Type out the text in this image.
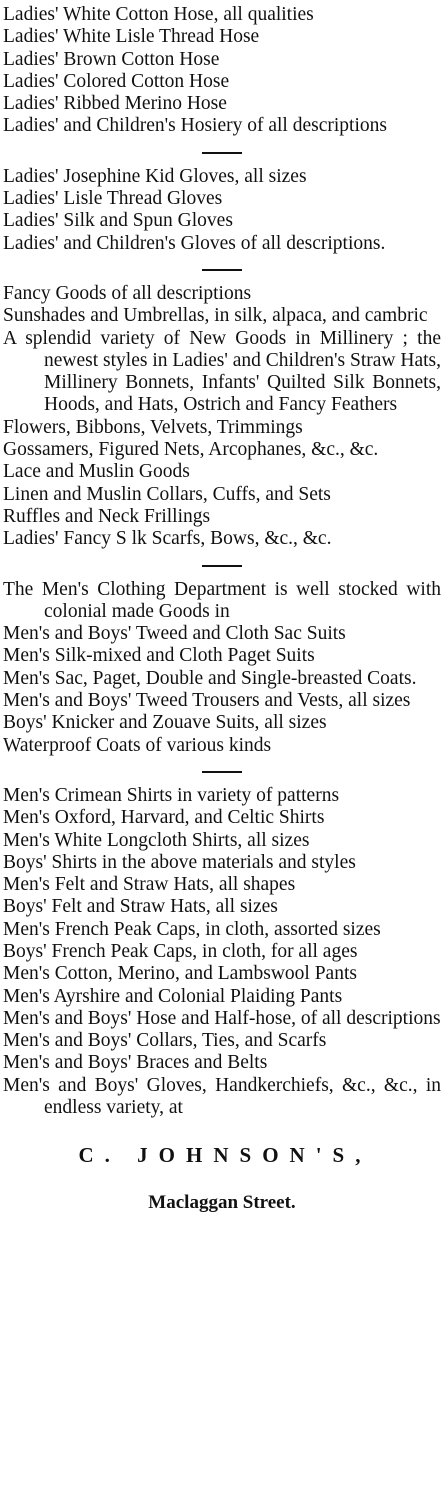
Ladies' White Cotton Hose, all qualities
Ladies' White Lisle Thread Hose
Ladies' Brown Cotton Hose
Ladies' Colored Cotton Hose
Ladies' Ribbed Merino Hose
Ladies' and Children's Hosiery of all descriptions
Ladies' Josephine Kid Gloves, all sizes
Ladies' Lisle Thread Gloves
Ladies' Silk and Spun Gloves
Ladies' and Children's Gloves of all descriptions.
Fancy Goods of all descriptions
Sunshades and Umbrellas, in silk, alpaca, and cambric
A splendid variety of New Goods in Millinery ; the newest styles in Ladies' and Children's Straw Hats, Millinery Bonnets, Infants' Quilted Silk Bonnets, Hoods, and Hats, Ostrich and Fancy Feathers
Flowers, Bibbons, Velvets, Trimmings
Gossamers, Figured Nets, Arcophanes, &c., &c.
Lace and Muslin Goods
Linen and Muslin Collars, Cuffs, and Sets
Ruffles and Neck Frillings
Ladies' Fancy S lk Scarfs, Bows, &c., &c.
The Men's Clothing Department is well stocked with colonial made Goods in
Men's and Boys' Tweed and Cloth Sac Suits
Men's Silk-mixed and Cloth Paget Suits
Men's Sac, Paget, Double and Single-breasted Coats.
Men's and Boys' Tweed Trousers and Vests, all sizes
Boys' Knicker and Zouave Suits, all sizes
Waterproof Coats of various kinds
Men's Crimean Shirts in variety of patterns
Men's Oxford, Harvard, and Celtic Shirts
Men's White Longcloth Shirts, all sizes
Boys' Shirts in the above materials and styles
Men's Felt and Straw Hats, all shapes
Boys' Felt and Straw Hats, all sizes
Men's French Peak Caps, in cloth, assorted sizes
Boys' French Peak Caps, in cloth, for all ages
Men's Cotton, Merino, and Lambswool Pants
Men's Ayrshire and Colonial Plaiding Pants
Men's and Boys' Hose and Half-hose, of all descriptions
Men's and Boys' Collars, Ties, and Scarfs
Men's and Boys' Braces and Belts
Men's and Boys' Gloves, Handkerchiefs, &c., &c., in endless variety, at
C. JOHNSON'S,
Maclaggan Street.
